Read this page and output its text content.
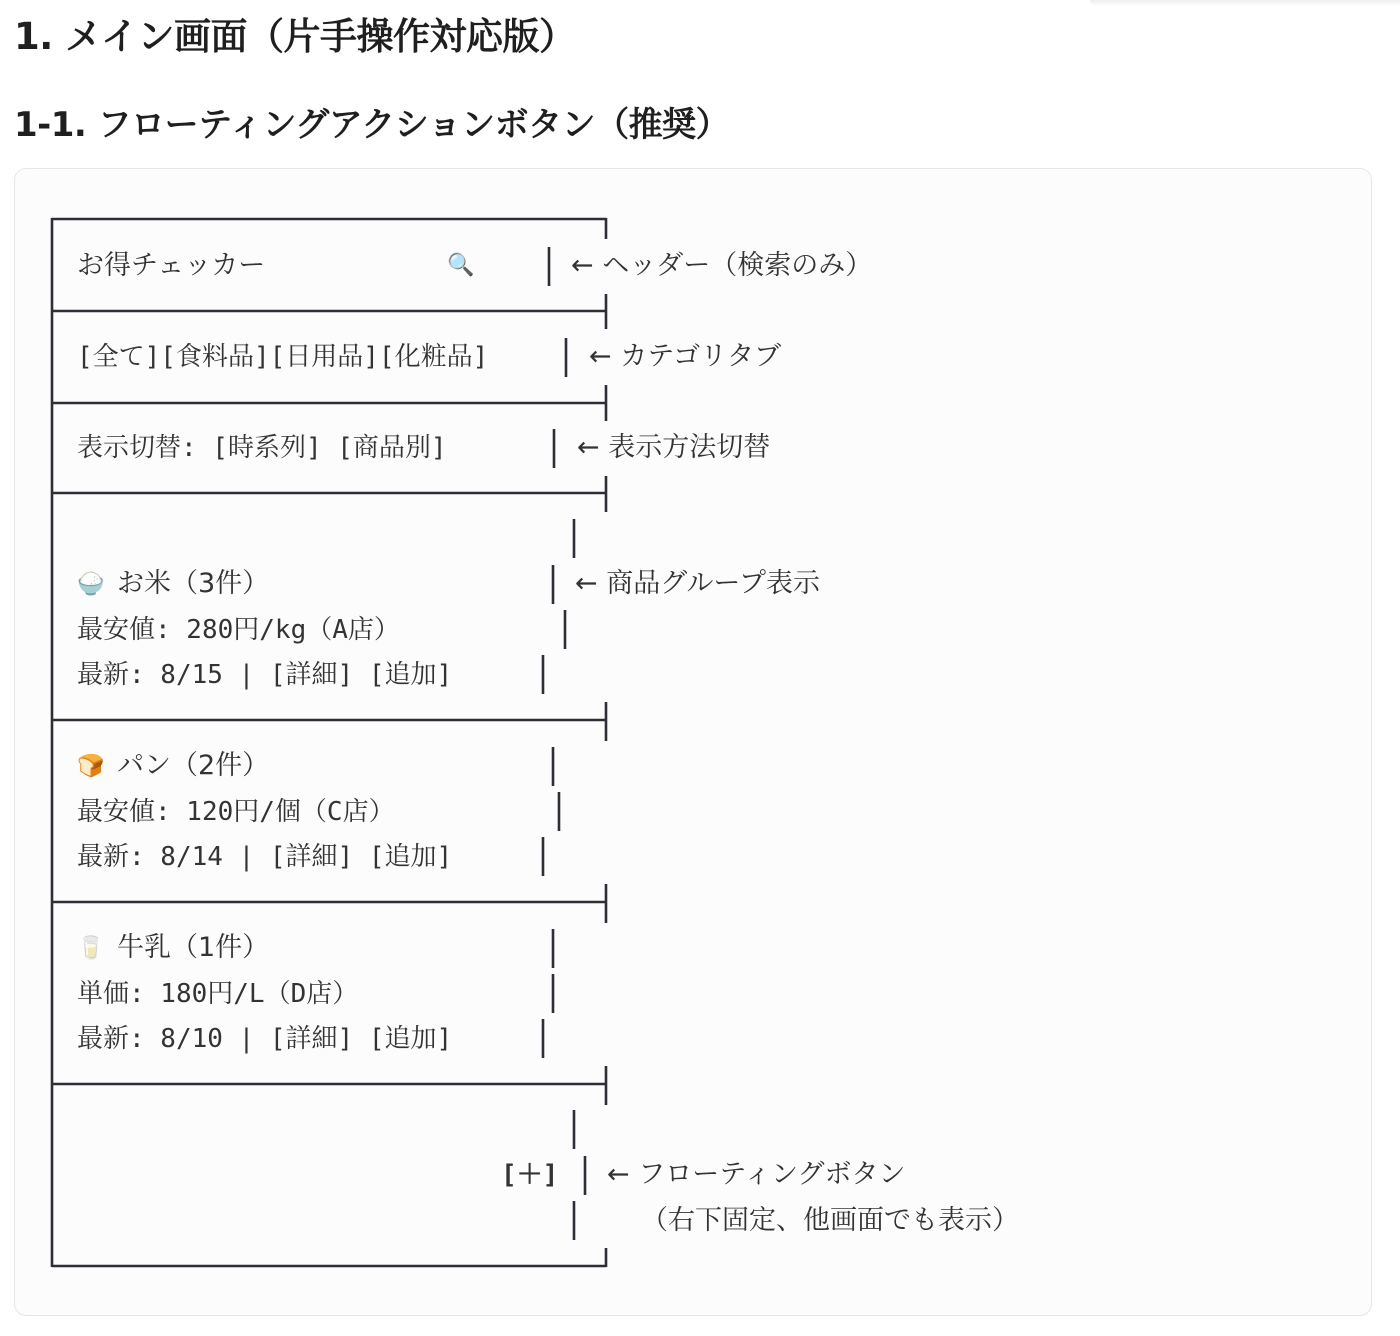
1. メイン画面（片手操作対応版）
1-1. フローティングアクションボタン（推奨）
お得チェッカー	🔍	← ヘッダー（検索のみ）
[全て][食料品][日用品][化粧品]	← カテゴリタブ
表示切替: [時系列] [商品別]	← 表示方法切替
🍚 お米（3件）	← 商品グループ表示
最安値: 280円/kg（A店）
最新: 8/15 | [詳細] [追加]
🍞 パン（2件）
最安値: 120円/個（C店）
最新: 8/14 | [詳細] [追加]
🥛 牛乳（1件）
単価: 180円/L（D店）
最新: 8/10 | [詳細] [追加]
[＋] ← フローティングボタン
（右下固定、他画面でも表示）
